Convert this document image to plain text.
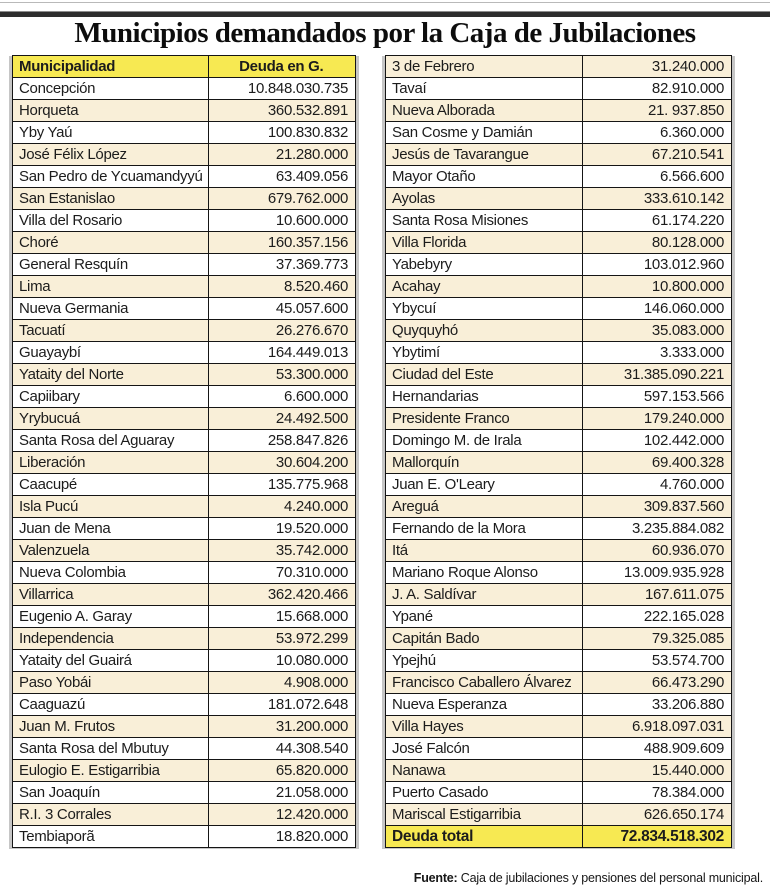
Municipios demandados por la Caja de Jubilaciones
Municipalidad	Deuda en G.
Concepción	10.848.030.735
Horqueta	360.532.891
Yby Yaú	100.830.832
José Félix López	21.280.000
San Pedro de Ycuamandyyú	63.409.056
San Estanislao	679.762.000
Villa del Rosario	10.600.000
Choré	160.357.156
General Resquín	37.369.773
Lima	8.520.460
Nueva Germania	45.057.600
Tacuatí	26.276.670
Guayaybí	164.449.013
Yataity del Norte	53.300.000
Capiibary	6.600.000
Yrybucuá	24.492.500
Santa Rosa del Aguaray	258.847.826
Liberación	30.604.200
Caacupé	135.775.968
Isla Pucú	4.240.000
Juan de Mena	19.520.000
Valenzuela	35.742.000
Nueva Colombia	70.310.000
Villarrica	362.420.466
Eugenio A. Garay	15.668.000
Independencia	53.972.299
Yataity del Guairá	10.080.000
Paso Yobái	4.908.000
Caaguazú	181.072.648
Juan M. Frutos	31.200.000
Santa Rosa del Mbutuy	44.308.540
Eulogio E. Estigarribia	65.820.000
San Joaquín	21.058.000
R.I. 3 Corrales	12.420.000
Tembiaporã	18.820.000
3 de Febrero	31.240.000
Tavaí	82.910.000
Nueva Alborada	21. 937.850
San Cosme y Damián	6.360.000
Jesús de Tavarangue	67.210.541
Mayor Otaño	6.566.600
Ayolas	333.610.142
Santa Rosa Misiones	61.174.220
Villa Florida	80.128.000
Yabebyry	103.012.960
Acahay	10.800.000
Ybycuí	146.060.000
Quyquyhó	35.083.000
Ybytimí	3.333.000
Ciudad del Este	31.385.090.221
Hernandarias	597.153.566
Presidente Franco	179.240.000
Domingo M. de Irala	102.442.000
Mallorquín	69.400.328
Juan E. O'Leary	4.760.000
Areguá	309.837.560
Fernando de la Mora	3.235.884.082
Itá	60.936.070
Mariano Roque Alonso	13.009.935.928
J. A. Saldívar	167.611.075
Ypané	222.165.028
Capitán Bado	79.325.085
Ypejhú	53.574.700
Francisco Caballero Álvarez	66.473.290
Nueva Esperanza	33.206.880
Villa Hayes	6.918.097.031
José Falcón	488.909.609
Nanawa	15.440.000
Puerto Casado	78.384.000
Mariscal Estigarribia	626.650.174
Deuda total	72.834.518.302
Fuente: Caja de jubilaciones y pensiones del personal municipal.
